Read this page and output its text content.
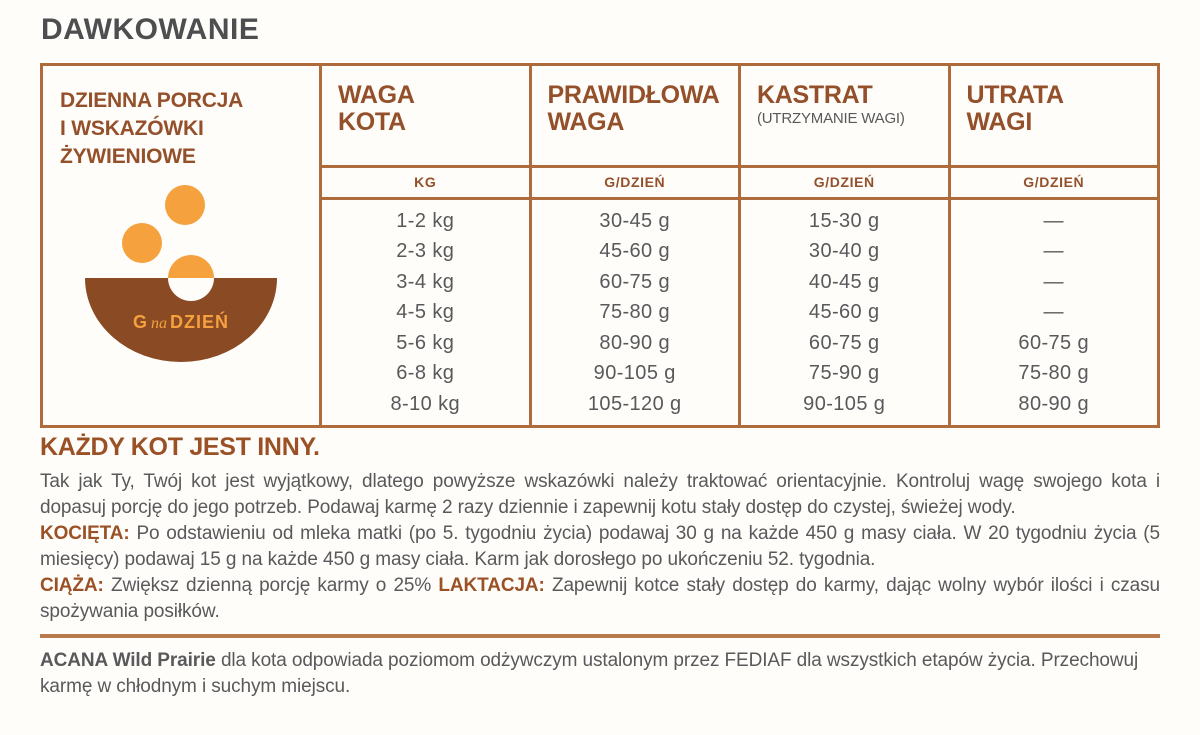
DAWKOWANIE
DZIENNA PORCJA
I WSKAZÓWKI ŻYWIENIOWE
G na DZIEŃ
WAGA
KOTA
KG
1-2 kg
2-3 kg
3-4 kg
4-5 kg
5-6 kg
6-8 kg
8-10 kg
PRAWIDŁOWA
WAGA
G/DZIEŃ
30-45 g
45-60 g
60-75 g
75-80 g
80-90 g
90-105 g
105-120 g
KASTRAT
(UTRZYMANIE WAGI)
G/DZIEŃ
15-30 g
30-40 g
40-45 g
45-60 g
60-75 g
75-90 g
90-105 g
UTRATA
WAGI
G/DZIEŃ
—
—
—
—
60-75 g
75-80 g
80-90 g
KAŻDY KOT JEST INNY.

Tak jak Ty, Twój kot jest wyjątkowy, dlatego powyższe wskazówki należy traktować orientacyjnie. Kontroluj wagę swojego kota i dopasuj porcję do jego potrzeb. Podawaj karmę 2 razy dziennie i zapewnij kotu stały dostęp do czystej, świeżej wody.

KOCIĘTA: Po odstawieniu od mleka matki (po 5. tygodniu życia) podawaj 30 g na każde 450 g masy ciała. W 20 tygodniu życia (5 miesięcy) podawaj 15 g na każde 450 g masy ciała. Karm jak dorosłego po ukończeniu 52. tygodnia.

CIĄŻA: Zwiększ dzienną porcję karmy o 25% LAKTACJA: Zapewnij kotce stały dostęp do karmy, dając wolny wybór ilości i czasu spożywania posiłków.

ACANA Wild Prairie dla kota odpowiada poziomom odżywczym ustalonym przez FEDIAF dla wszystkich etapów życia. Przechowuj karmę w chłodnym i suchym miejscu.
